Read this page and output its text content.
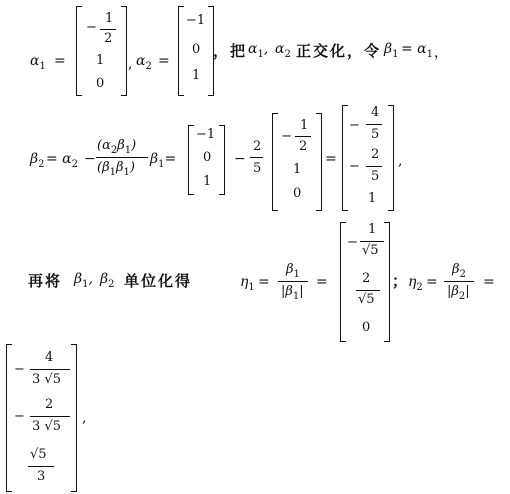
$\alpha_1$ =
−
1
2
1
0
, $\alpha_2$ =
−1
0
1
，把 $\alpha_1$, $\alpha_2$ 正交化，令 $\beta_1 = \alpha_1$ ，
$\beta_2 = \alpha_2$ −
$(\alpha_2\beta_1)$
$(\beta_1\beta_1)$
$\beta_1=$
−1
0
1
−
2
5
−
1
2
1
0
=
−
4
5
−
2
5
1
,
再将 $\beta_1$, $\beta_2$ 单位化得	$\eta_1$ =
$\beta_1$
$|\beta_1|$
=
−
1
√5
2
√5
0
；
$\eta_2$ =
$\beta_2$
$|\beta_2|$
=
−
4
3 √5
−
2
3 √5
√5
3
,
